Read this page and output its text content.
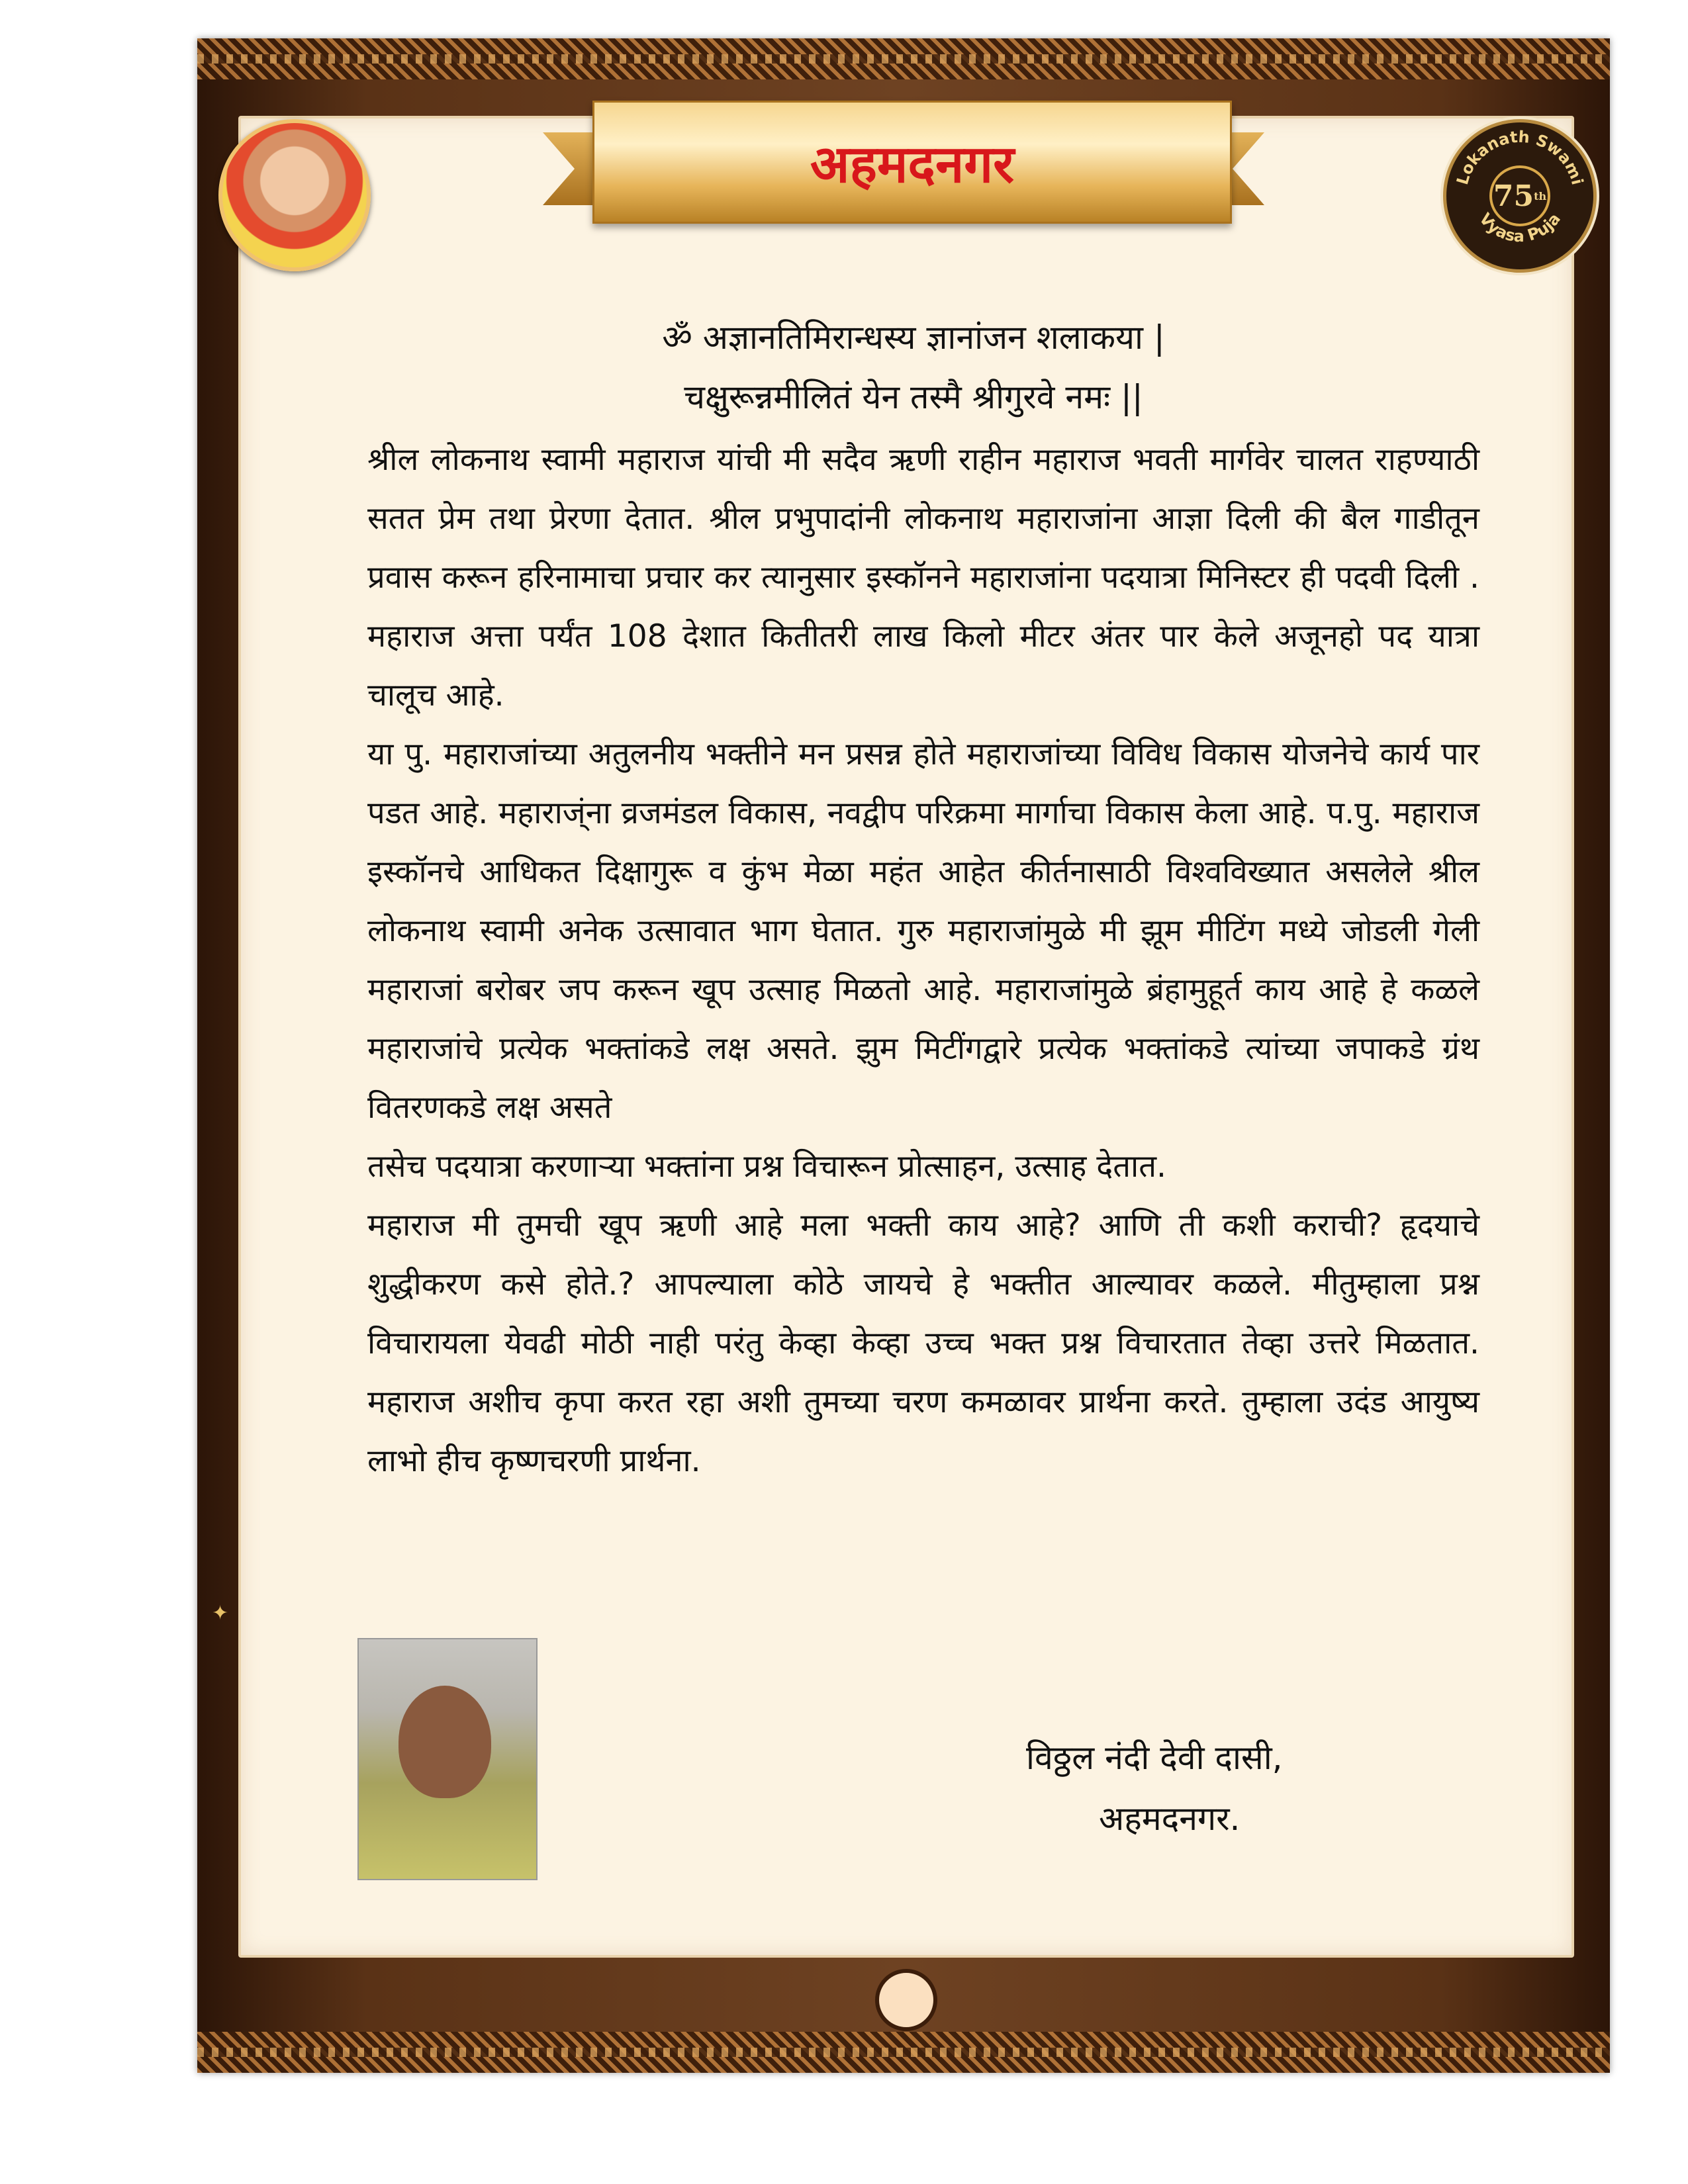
अहमदनगर	Lokanath Swami
Vyasa Puja
75 th
ॐ अज्ञानतिमिरान्धस्य ज्ञानांजन शलाकया |
चक्षुरून्नमीलितं येन तस्मै श्रीगुरवे नमः ||

श्रील लोकनाथ स्वामी महाराज यांची मी सदैव ऋणी राहीन महाराज भवती मार्गवेर चालत राहण्याठी सतत प्रेम तथा प्रेरणा देतात. श्रील प्रभुपादांनी लोकनाथ महाराजांना आज्ञा दिली की बैल गाडीतून प्रवास करून हरिनामाचा प्रचार कर त्यानुसार इस्कॉनने महाराजांना पदयात्रा मिनिस्टर ही पदवी दिली . महाराज अत्ता पर्यंत 108 देशात कितीतरी लाख किलो मीटर अंतर पार केले अजूनहो पद यात्रा चालूच आहे.

या पु. महाराजांच्या अतुलनीय भक्तीने मन प्रसन्न होते महाराजांच्या विविध विकास योजनेचे कार्य पार पडत आहे. महाराज्ंना व्रजमंडल विकास, नवद्वीप परिक्रमा मार्गाचा विकास केला आहे. प.पु. महाराज इस्कॉनचे आधिकत दिक्षागुरू व कुंभ मेळा महंत आहेत कीर्तनासाठी विश्वविख्यात असलेले श्रील लोकनाथ स्वामी अनेक उत्सावात भाग घेतात. गुरु महाराजांमुळे मी झूम मीटिंग मध्ये जोडली गेली महाराजां बरोबर जप करून खूप उत्साह मिळतो आहे. महाराजांमुळे ब्रंहामुहूर्त काय आहे हे कळले महाराजांचे प्रत्येक भक्तांकडे लक्ष असते. झुम मिटींगद्वारे प्रत्येक भक्तांकडे त्यांच्या जपाकडे ग्रंथ वितरणकडे लक्ष असते

तसेच पदयात्रा करणाऱ्या भक्तांना प्रश्न विचारून प्रोत्साहन, उत्साह देतात.

महाराज मी तुमची खूप ऋणी आहे मला भक्ती काय आहे? आणि ती कशी कराची? हृदयाचे शुद्धीकरण कसे होते.? आपल्याला कोठे जायचे हे भक्तीत आल्यावर कळले. मीतुम्हाला प्रश्न विचारायला येवढी मोठी नाही परंतु केव्हा केव्हा उच्च भक्त प्रश्न विचारतात तेव्हा उत्तरे मिळतात. महाराज अशीच कृपा करत रहा अशी तुमच्या चरण कमळावर प्रार्थना करते. तुम्हाला उदंड आयुष्य लाभो हीच कृष्णचरणी प्रार्थना.

✦
विठ्ठल नंदी देवी दासी,
अहमदनगर.
